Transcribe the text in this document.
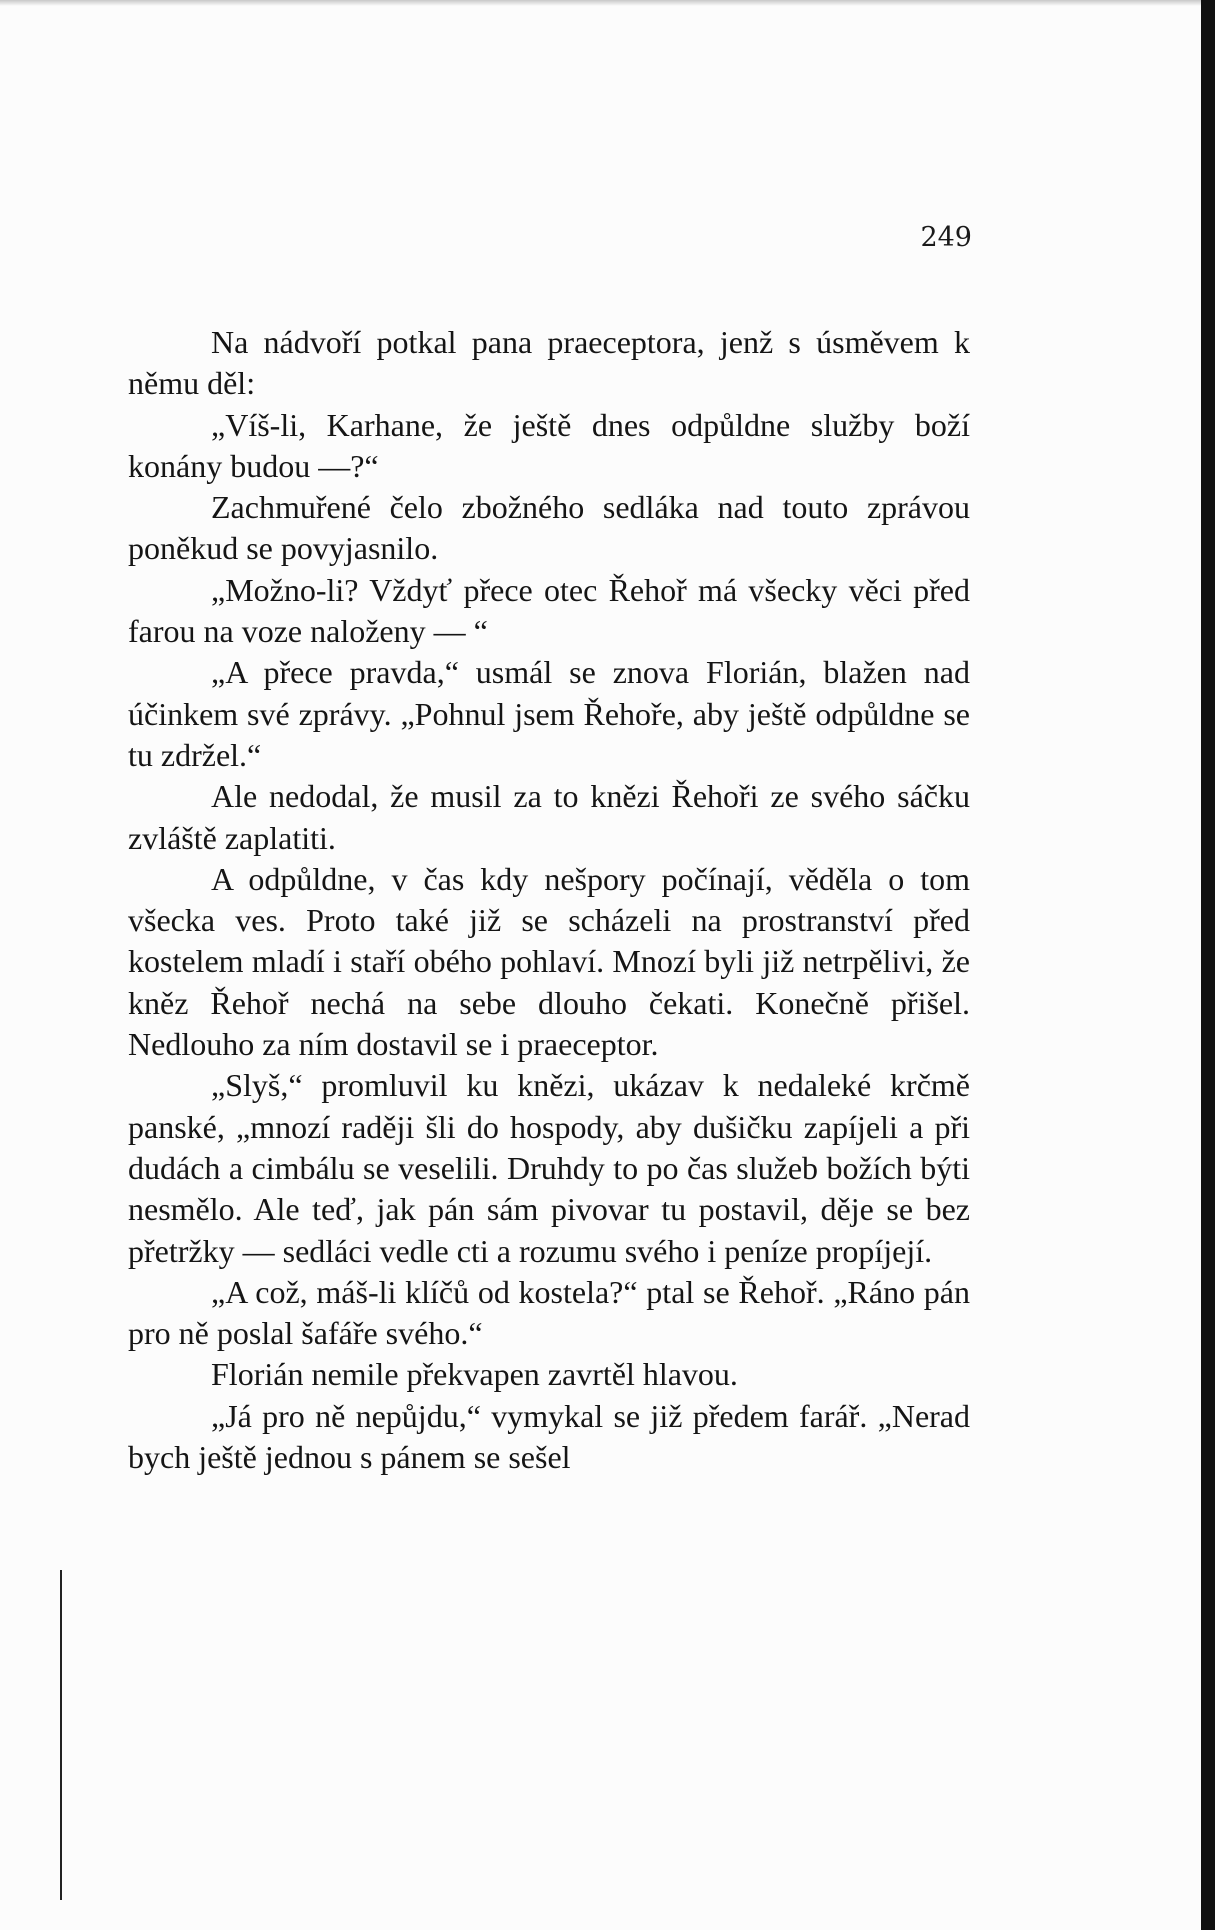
249

Na nádvoří potkal pana praeceptora, jenž s úsměvem k němu děl:

„Víš-li, Karhane, že ještě dnes odpůldne služby boží konány budou —?“

Zachmuřené čelo zbožného sedláka nad touto zprávou poněkud se povyjasnilo.

„Možno-li? Vždyť přece otec Řehoř má všecky věci před farou na voze naloženy — “

„A přece pravda,“ usmál se znova Florián, blažen nad účinkem své zprávy. „Pohnul jsem Řehoře, aby ještě odpůldne se tu zdržel.“

Ale nedodal, že musil za to knězi Řehoři ze svého sáčku zvláště zaplatiti.

A odpůldne, v čas kdy nešpory počínají, věděla o tom všecka ves. Proto také již se scházeli na prostranství před kostelem mladí i staří obého pohlaví. Mnozí byli již netrpělivi, že kněz Řehoř nechá na sebe dlouho čekati. Konečně přišel. Nedlouho za ním dostavil se i praeceptor.

„Slyš,“ promluvil ku knězi, ukázav k nedaleké krčmě panské, „mnozí raději šli do hospody, aby dušičku zapíjeli a při dudách a cimbálu se veselili. Druhdy to po čas služeb božích býti nesmělo. Ale teď, jak pán sám pivovar tu postavil, děje se bez přetržky — sedláci vedle cti a rozumu svého i peníze propíjejí.

„A což, máš-li klíčů od kostela?“ ptal se Řehoř. „Ráno pán pro ně poslal šafáře svého.“

Florián nemile překvapen zavrtěl hlavou.

„Já pro ně nepůjdu,“ vymykal se již předem farář. „Nerad bych ještě jednou s pánem se sešel
